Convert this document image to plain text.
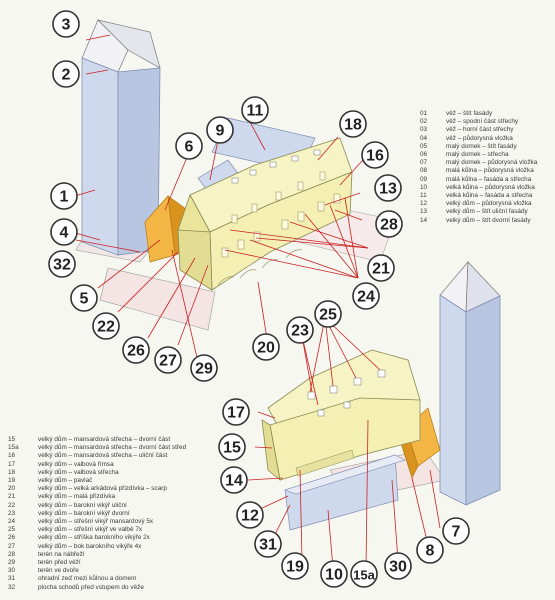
3
2
1
4
32
5
6
9
11
18
16
13
28
21
24
22
26
27 29
20
23
25
17
15
14
12
31
19 10 15a 30
8
7
01	věž – štít fasády
02	věž – spodní část střechy
03	věž – horní část střechy
04	věž – půdorysná vložka
05	malý domek – štít fasády
06	malý domek – střecha
07	malý domek – půdorysná vložka
08	malá kůlna – půdorysná vložka
09	malá kůlna – fasáda a střecha
10	velká kůlna – půdorysná vložka
11	velká kůlna – fasáda a střecha
12	velký dům – půdorysná vložka
13	velký dům – štít uliční fasády
14	velký dům – štít dvorní fasády
15	velký dům – mansardová střecha – dvorní část
15a	velký dům – mansardová střecha – dvorní část střed
16	velký dům – mansardová střecha – uliční část
17	velký dům – valbová římsa
18	velký dům – valbová střecha
19	velký dům – pavlač
20	velký dům – velká arkádová přizdívka – scarp
21	velký dům – malá přizdívka
22	velký dům – barokní vikýř uliční
23	velký dům – barokní vikýř dvorní
24	velký dům – střešní vikýř mansardový 5x
25	velký dům – střešní vikýř ve valbě 7x
26	velký dům – stříška barokního vikýře 2x
27	velký dům – bok barokního vikýře 4x
28	terén na nábřeží
29	terén před věží
30	terén ve dvoře
31	ohradní zeď mezi kůlnou a domem
32	plocha schodů před vstupem do věže
